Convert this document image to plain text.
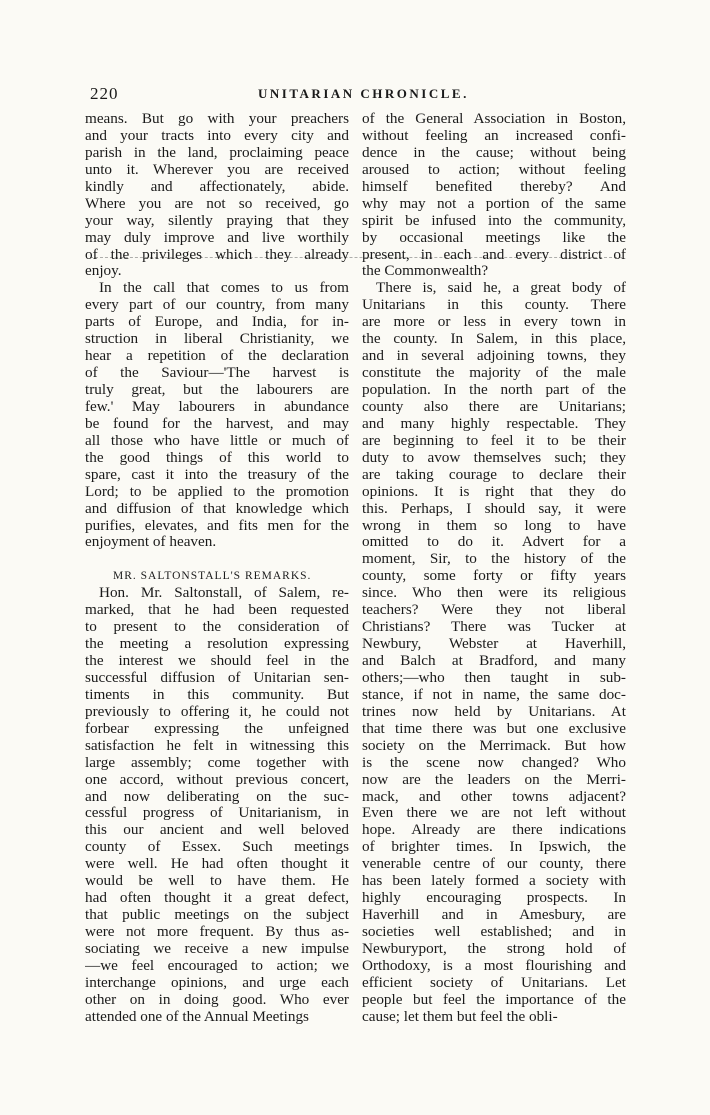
220	UNITARIAN CHRONICLE.
means. But go with your preachers
and your tracts into every city and
parish in the land, proclaiming peace
unto it. Wherever you are received
kindly and affectionately, abide.
Where you are not so received, go
your way, silently praying that they
may duly improve and live worthily
of the privileges which they already
enjoy.
In the call that comes to us from
every part of our country, from many
parts of Europe, and India, for in-
struction in liberal Christianity, we
hear a repetition of the declaration
of the Saviour—'The harvest is
truly great, but the labourers are
few.' May labourers in abundance
be found for the harvest, and may
all those who have little or much of
the good things of this world to
spare, cast it into the treasury of the
Lord; to be applied to the promotion
and diffusion of that knowledge which
purifies, elevates, and fits men for the
enjoyment of heaven.

MR. SALTONSTALL'S REMARKS.
Hon. Mr. Saltonstall, of Salem, re-
marked, that he had been requested
to present to the consideration of
the meeting a resolution expressing
the interest we should feel in the
successful diffusion of Unitarian sen-
timents in this community. But
previously to offering it, he could not
forbear expressing the unfeigned
satisfaction he felt in witnessing this
large assembly; come together with
one accord, without previous concert,
and now deliberating on the suc-
cessful progress of Unitarianism, in
this our ancient and well beloved
county of Essex. Such meetings
were well. He had often thought it
would be well to have them. He
had often thought it a great defect,
that public meetings on the subject
were not more frequent. By thus as-
sociating we receive a new impulse
—we feel encouraged to action; we
interchange opinions, and urge each
other on in doing good. Who ever
attended one of the Annual Meetings
of the General Association in Boston,
without feeling an increased confi-
dence in the cause; without being
aroused to action; without feeling
himself benefited thereby? And
why may not a portion of the same
spirit be infused into the community,
by occasional meetings like the
present, in each and every district of
the Commonwealth?
There is, said he, a great body of
Unitarians in this county. There
are more or less in every town in
the county. In Salem, in this place,
and in several adjoining towns, they
constitute the majority of the male
population. In the north part of the
county also there are Unitarians;
and many highly respectable. They
are beginning to feel it to be their
duty to avow themselves such; they
are taking courage to declare their
opinions. It is right that they do
this. Perhaps, I should say, it were
wrong in them so long to have
omitted to do it. Advert for a
moment, Sir, to the history of the
county, some forty or fifty years
since. Who then were its religious
teachers? Were they not liberal
Christians? There was Tucker at
Newbury, Webster at Haverhill,
and Balch at Bradford, and many
others;—who then taught in sub-
stance, if not in name, the same doc-
trines now held by Unitarians. At
that time there was but one exclusive
society on the Merrimack. But how
is the scene now changed? Who
now are the leaders on the Merri-
mack, and other towns adjacent?
Even there we are not left without
hope. Already are there indications
of brighter times. In Ipswich, the
venerable centre of our county, there
has been lately formed a society with
highly encouraging prospects. In
Haverhill and in Amesbury, are
societies well established; and in
Newburyport, the strong hold of
Orthodoxy, is a most flourishing and
efficient society of Unitarians. Let
people but feel the importance of the
cause; let them but feel the obli-
